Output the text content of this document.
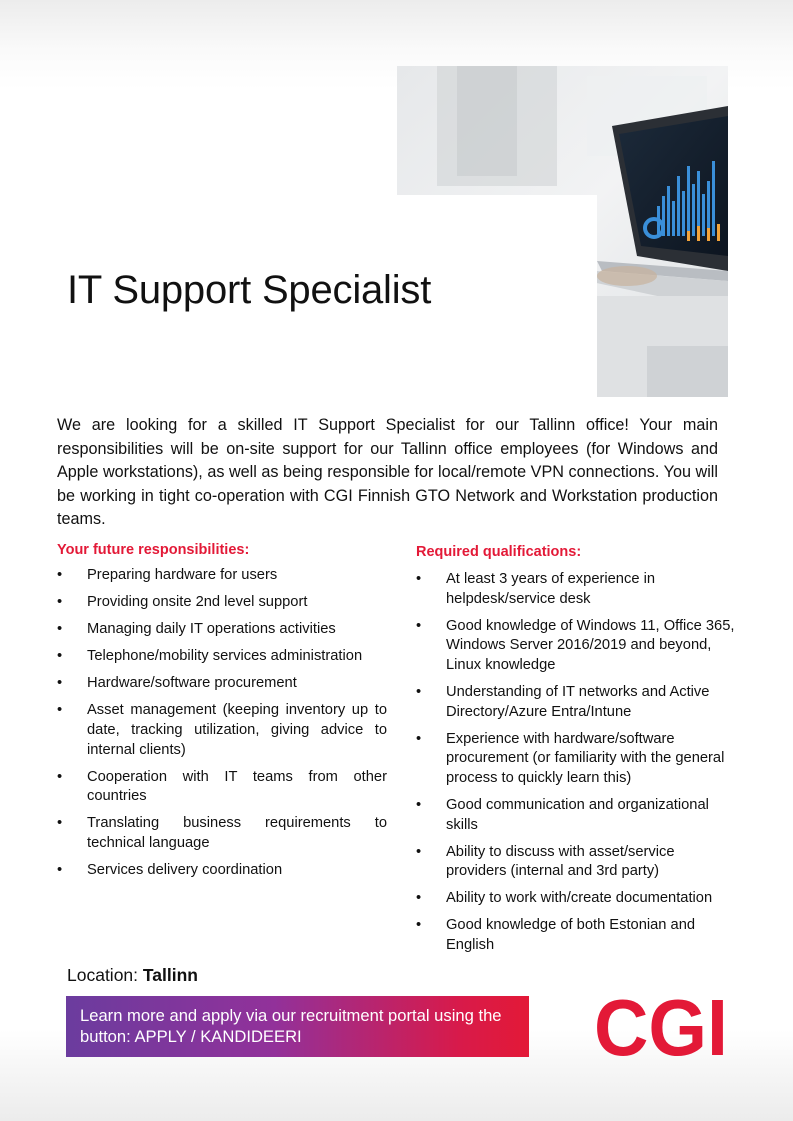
IT Support Specialist

We are looking for a skilled IT Support Specialist for our Tallinn office! Your main responsibilities will be on-site support for our Tallinn office employees (for Windows and Apple workstations), as well as being responsible for local/remote VPN connections. You will be working in tight co-operation with CGI Finnish GTO Network and Workstation production teams.

Your future responsibilities:
• Preparing hardware for users
• Providing onsite 2nd level support
• Managing daily IT operations activities
• Telephone/mobility services administration
• Hardware/software procurement
• Asset management (keeping inventory up to date, tracking utilization, giving advice to internal clients)
• Cooperation with IT teams from other countries
• Translating business requirements to technical language
• Services delivery coordination
Required qualifications:
• At least 3 years of experience in helpdesk/service desk
• Good knowledge of Windows 11, Office 365, Windows Server 2016/2019 and beyond, Linux knowledge
• Understanding of IT networks and Active Directory/Azure Entra/Intune
• Experience with hardware/software procurement (or familiarity with the general process to quickly learn this)
• Good communication and organizational skills
• Ability to discuss with asset/service providers (internal and 3rd party)
• Ability to work with/create documentation
• Good knowledge of both Estonian and English

Location: Tallinn

Learn more and apply via our recruitment portal using the button: APPLY / KANDIDEERI	CGI
